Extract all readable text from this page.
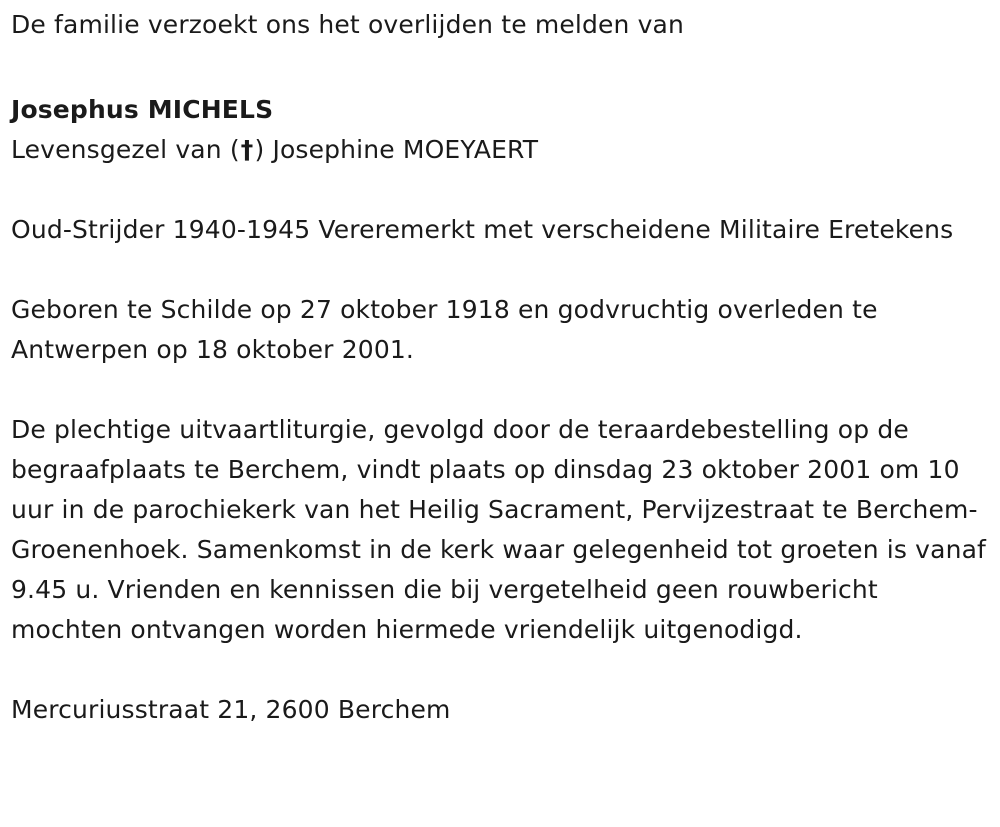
De familie verzoekt ons het overlijden te melden van

Josephus MICHELS

Levensgezel van (†) Josephine MOEYAERT

Oud-Strijder 1940-1945 Vereremerkt met verscheidene Militaire Eretekens

Geboren te Schilde op 27 oktober 1918 en godvruchtig overleden te Antwerpen op 18 oktober 2001.

De plechtige uitvaartliturgie, gevolgd door de teraardebestelling op de begraafplaats te Berchem, vindt plaats op dinsdag 23 oktober 2001 om 10 uur in de parochiekerk van het Heilig Sacrament, Pervijzestraat te Berchem-Groenenhoek. Samenkomst in de kerk waar gelegenheid tot groeten is vanaf 9.45 u. Vrienden en kennissen die bij vergetelheid geen rouwbericht mochten ontvangen worden hiermede vriendelijk uitgenodigd.

Mercuriusstraat 21, 2600 Berchem
